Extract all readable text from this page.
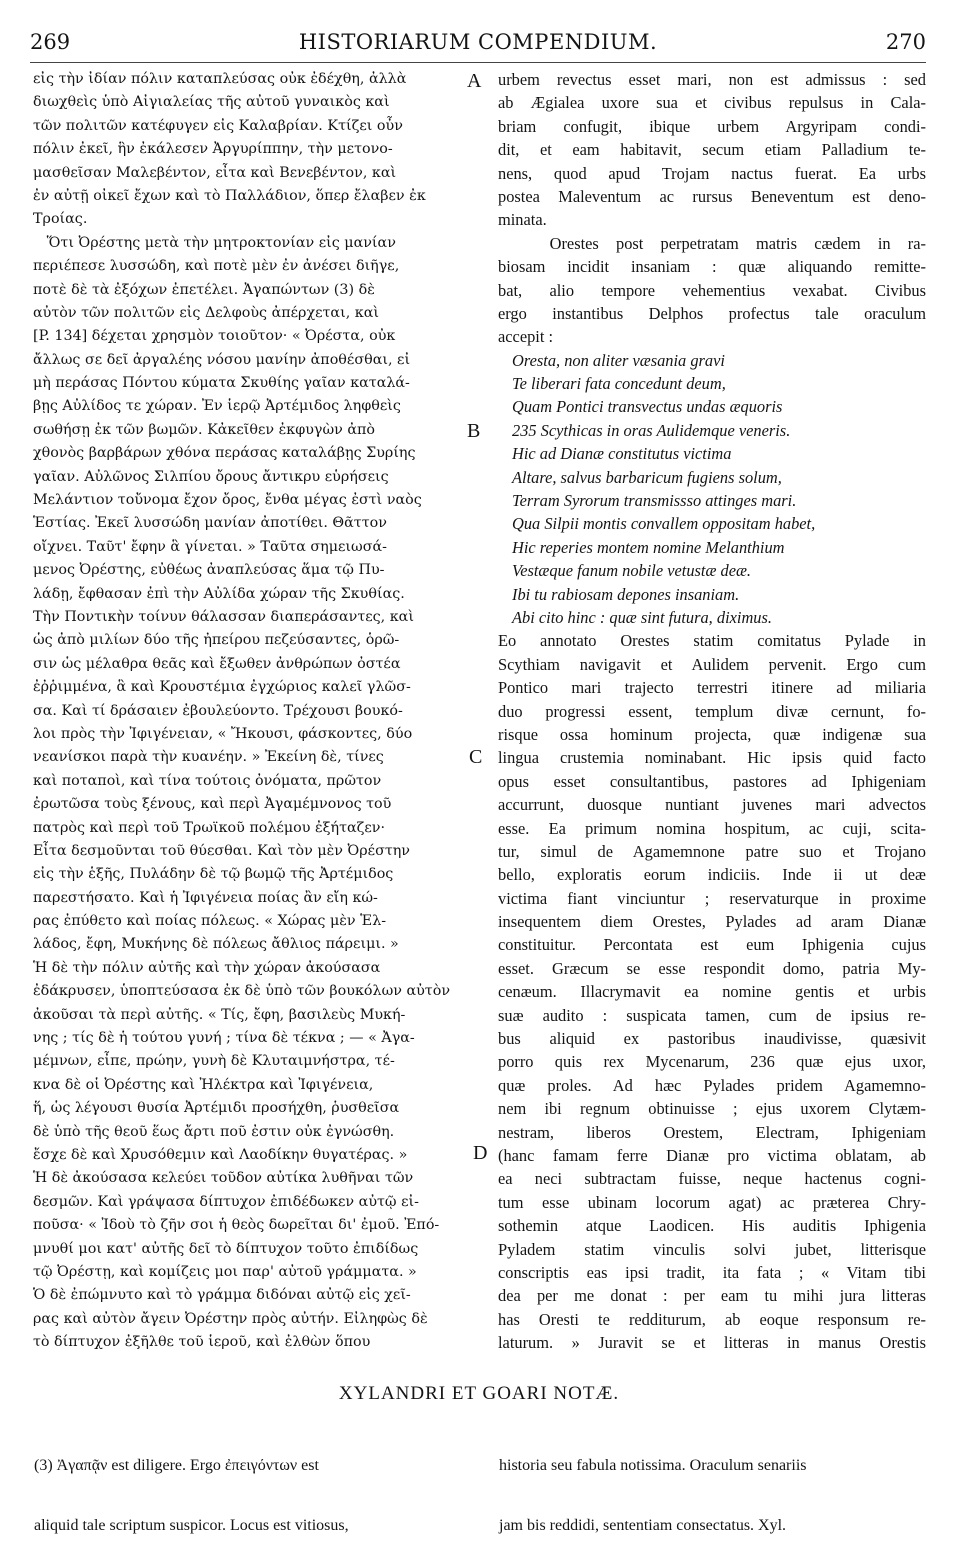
269	HISTORIARUM COMPENDIUM.	270
εἰς τὴν ἰδίαν πόλιν καταπλεύσας οὐκ ἐδέχθη, ἀλλὰ
διωχθεὶς ὑπὸ Αἰγιαλείας τῆς αὐτοῦ γυναικὸς καὶ
τῶν πολιτῶν κατέφυγεν εἰς Καλαβρίαν. Κτίζει οὖν
πόλιν ἐκεῖ, ἣν ἐκάλεσεν Ἀργυρίππην, τὴν μετονο-
μασθεῖσαν Μαλεβέντον, εἶτα καὶ Βενεβέντον, καὶ
ἐν αὐτῇ οἰκεῖ ἔχων καὶ τὸ Παλλάδιον, ὅπερ ἔλαβεν ἐκ
Τροίας.
Ὅτι Ὀρέστης μετὰ τὴν μητροκτονίαν εἰς μανίαν
περιέπεσε λυσσώδη, καὶ ποτὲ μὲν ἐν ἀνέσει διῆγε,
ποτὲ δὲ τὰ ἐξόχων ἐπετέλει. Ἀγαπώντων (3) δὲ
αὐτὸν τῶν πολιτῶν εἰς Δελφοὺς ἀπέρχεται, καὶ
[P. 134] δέχεται χρησμὸν τοιοῦτον· « Ὀρέστα, οὐκ
ἄλλως σε δεῖ ἀργαλέης νόσου μανίην ἀποθέσθαι, εἰ
μὴ περάσας Πόντου κύματα Σκυθίης γαῖαν καταλά-
βῃς Αὐλίδος τε χώραν. Ἐν ἱερῷ Ἀρτέμιδος ληφθεὶς
σωθήσῃ ἐκ τῶν βωμῶν. Κἀκεῖθεν ἐκφυγὼν ἀπὸ
χθονὸς βαρβάρων χθόνα περάσας καταλάβῃς Συρίης
γαῖαν. Αὐλῶνος Σιλπίου ὄρους ἄντικρυ εὑρήσεις
Μελάντιον τοὔνομα ἔχον ὄρος, ἔνθα μέγας ἐστὶ ναὸς
Ἑστίας. Ἐκεῖ λυσσώδη μανίαν ἀποτίθει. Θᾶττον
οἴχνει. Ταῦτ' ἔφην ἃ γίνεται. » Ταῦτα σημειωσά-
μενος Ὀρέστης, εὐθέως ἀναπλεύσας ἅμα τῷ Πυ-
λάδῃ, ἔφθασαν ἐπὶ τὴν Αὐλίδα χώραν τῆς Σκυθίας.
Τὴν Ποντικὴν τοίνυν θάλασσαν διαπεράσαντες, καὶ
ὡς ἀπὸ μιλίων δύο τῆς ἠπείρου πεζεύσαντες, ὁρῶ-
σιν ὡς μέλαθρα θεᾶς καὶ ἔξωθεν ἀνθρώπων ὀστέα
ἐῤῥιμμένα, ἃ καὶ Κρουστέμια ἐγχώριος καλεῖ γλῶσ-
σα. Καὶ τί δράσαιεν ἐβουλεύοντο. Τρέχουσι βουκό-
λοι πρὸς τὴν Ἰφιγένειαν, « Ἤκουσι, φάσκοντες, δύο
νεανίσκοι παρὰ τὴν κυανέην. » Ἐκείνη δὲ, τίνες
καὶ ποταποὶ, καὶ τίνα τούτοις ὀνόματα, πρῶτον
ἐρωτῶσα τοὺς ξένους, καὶ περὶ Ἀγαμέμνονος τοῦ
πατρὸς καὶ περὶ τοῦ Τρωϊκοῦ πολέμου ἐξήταζεν·
Εἶτα δεσμοῦνται τοῦ θύεσθαι. Καὶ τὸν μὲν Ὀρέστην
εἰς τὴν ἑξῆς, Πυλάδην δὲ τῷ βωμῷ τῆς Ἀρτέμιδος
παρεστήσατο. Καὶ ἡ Ἰφιγένεια ποίας ἂν εἴη κώ-
ρας ἐπύθετο καὶ ποίας πόλεως. « Χώρας μὲν Ἑλ-
λάδος, ἔφη, Μυκήνης δὲ πόλεως ἄθλιος πάρειμι. »
Ἡ δὲ τὴν πόλιν αὐτῆς καὶ τὴν χώραν ἀκούσασα
ἐδάκρυσεν, ὑποπτεύσασα ἐκ δὲ ὑπὸ τῶν βουκόλων αὐτὸν
ἀκοῦσαι τὰ περὶ αὐτῆς. « Τίς, ἔφη, βασιλεὺς Μυκή-
νης ; τίς δὲ ἡ τούτου γυνή ; τίνα δὲ τέκνα ; — « Ἀγα-
μέμνων, εἶπε, πρώην, γυνὴ δὲ Κλυταιμνήστρα, τέ-
κνα δὲ οἱ Ὀρέστης καὶ Ἠλέκτρα καὶ Ἰφιγένεια,
ἥ, ὡς λέγουσι θυσία Ἀρτέμιδι προσήχθη, ῥυσθεῖσα
δὲ ὑπὸ τῆς θεοῦ ἕως ἄρτι ποῦ ἐστιν οὐκ ἐγνώσθη.
ἔσχε δὲ καὶ Χρυσόθεμιν καὶ Λαοδίκην θυγατέρας. »
Ἡ δὲ ἀκούσασα κελεύει τοῦδον αὐτίκα λυθῆναι τῶν
δεσμῶν. Καὶ γράψασα δίπτυχον ἐπιδέδωκεν αὐτῷ εἰ-
ποῦσα· « Ἰδοὺ τὸ ζῆν σοι ἡ θεὸς δωρεῖται δι' ἐμοῦ. Ἐπό-
μνυθί μοι κατ' αὐτῆς δεῖ τὸ δίπτυχον τοῦτο ἐπιδίδως
τῷ Ὀρέστῃ, καὶ κομίζεις μοι παρ' αὐτοῦ γράμματα. »
Ὁ δὲ ἐπώμνυτο καὶ τὸ γράμμα διδόναι αὐτῷ εἰς χεῖ-
ρας καὶ αὐτὸν ἄγειν Ὀρέστην πρὸς αὐτήν. Εἰληφὼς δὲ
τὸ δίπτυχον ἐξῆλθε τοῦ ἱεροῦ, καὶ ἐλθὼν ὅπου
urbem revectus esset mari, non est admissus : sed
ab Ægialea uxore sua et civibus repulsus in Cala-
briam confugit, ibique urbem Argyripam condi-
dit, et eam habitavit, secum etiam Palladium te-
nens, quod apud Trojam nactus fuerat. Ea urbs
postea Maleventum ac rursus Beneventum est deno-
minata.
Orestes post perpetratam matris cædem in ra-
biosam incidit insaniam : quæ aliquando remitte-
bat, alio tempore vehementius vexabat. Civibus
ergo instantibus Delphos profectus tale oraculum
accepit :
Oresta, non aliter væsania gravi
Te liberari fata concedunt deum,
Quam Pontici transvectus undas æquoris
235 Scythicas in oras Aulidemque veneris.
Hic ad Dianæ constitutus victima
Altare, salvus barbaricum fugiens solum,
Terram Syrorum transmissso attinges mari.
Qua Silpii montis convallem oppositam habet,
Hic reperies montem nomine Melanthium
Vestæque fanum nobile vetustæ deæ.
Ibi tu rabiosam depones insaniam.
Abi cito hinc : quæ sint futura, diximus.
Eo annotato Orestes statim comitatus Pylade in
Scythiam navigavit et Aulidem pervenit. Ergo cum
Pontico mari trajecto terrestri itinere ad miliaria
duo progressi essent, templum divæ cernunt, fo-
risque ossa hominum projecta, quæ indigenæ sua
lingua crustemia nominabant. Hic ipsis quid facto
opus esset consultantibus, pastores ad Iphigeniam
accurrunt, duosque nuntiant juvenes mari advectos
esse. Ea primum nomina hospitum, ac cuji, scita-
tur, simul de Agamemnone patre suo et Trojano
bello, exploratis eorum indiciis. Inde ii ut deæ
victima fiant vinciuntur ; reservaturque in proxime
insequentem diem Orestes, Pylades ad aram Dianæ
constituitur. Percontata est eum Iphigenia cujus
esset. Græcum se esse respondit domo, patria My-
cenæum. Illacrymavit ea nomine gentis et urbis
suæ audito : suspicata tamen, cum de ipsius re-
bus aliquid ex pastoribus inaudivisse, quæsivit
porro quis rex Mycenarum, 236 quæ ejus uxor,
quæ proles. Ad hæc Pylades pridem Agamemno-
nem ibi regnum obtinuisse ; ejus uxorem Clytæm-
nestram, liberos Orestem, Electram, Iphigeniam
(hanc famam ferre Dianæ pro victima oblatam, ab
ea neci subtractam fuisse, neque hactenus cogni-
tum esse ubinam locorum agat) ac præterea Chry-
sothemin atque Laodicen. His auditis Iphigenia
Pyladem statim vinculis solvi jubet, litterisque
conscriptis eas ipsi tradit, ita fata ; « Vitam tibi
dea per me donat : per eam tu mihi jura litteras
has Oresti te redditurum, ab eoque responsum re-
laturum. » Juravit se et litteras in manus Orestis
A
B
C
D
XYLANDRI ET GOARI NOTÆ.

(3) Ἀγαπᾷν est diligere. Ergo ἐπειγόντων est

aliquid tale scriptum suspicor. Locus est vitiosus,

historia seu fabula notissima. Oraculum senariis

jam bis reddidi, sententiam consectatus. Xyl.
